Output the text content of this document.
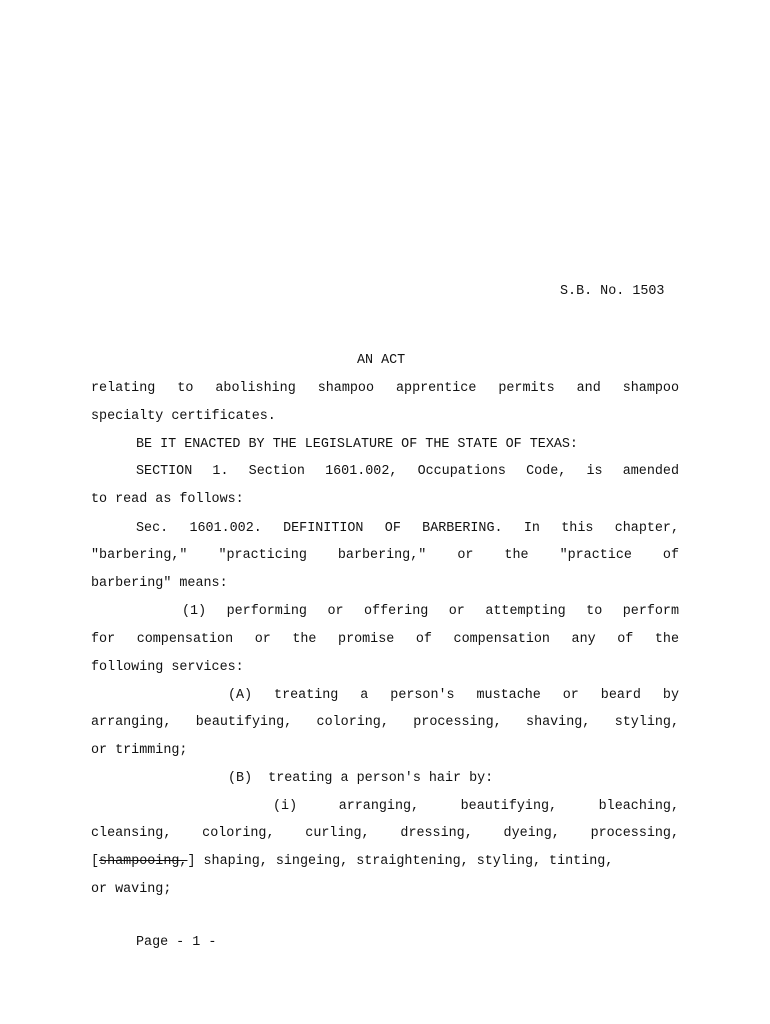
S.B. No. 1503
AN ACT
relating to abolishing shampoo apprentice permits and shampoo
specialty certificates.
BE IT ENACTED BY THE LEGISLATURE OF THE STATE OF TEXAS:
SECTION 1. Section 1601.002, Occupations Code, is amended
to read as follows:
Sec. 1601.002. DEFINITION OF BARBERING. In this chapter,
"barbering," "practicing barbering," or the "practice of
barbering" means:
(1) performing or offering or attempting to perform
for compensation or the promise of compensation any of the
following services:
(A) treating a person's mustache or beard by
arranging, beautifying, coloring, processing, shaving, styling,
or trimming;
(B)  treating a person's hair by:
(i) arranging, beautifying, bleaching,
cleansing, coloring, curling, dressing, dyeing, processing,
[shampooing,] shaping, singeing, straightening, styling, tinting,
or waving;
Page - 1 -
